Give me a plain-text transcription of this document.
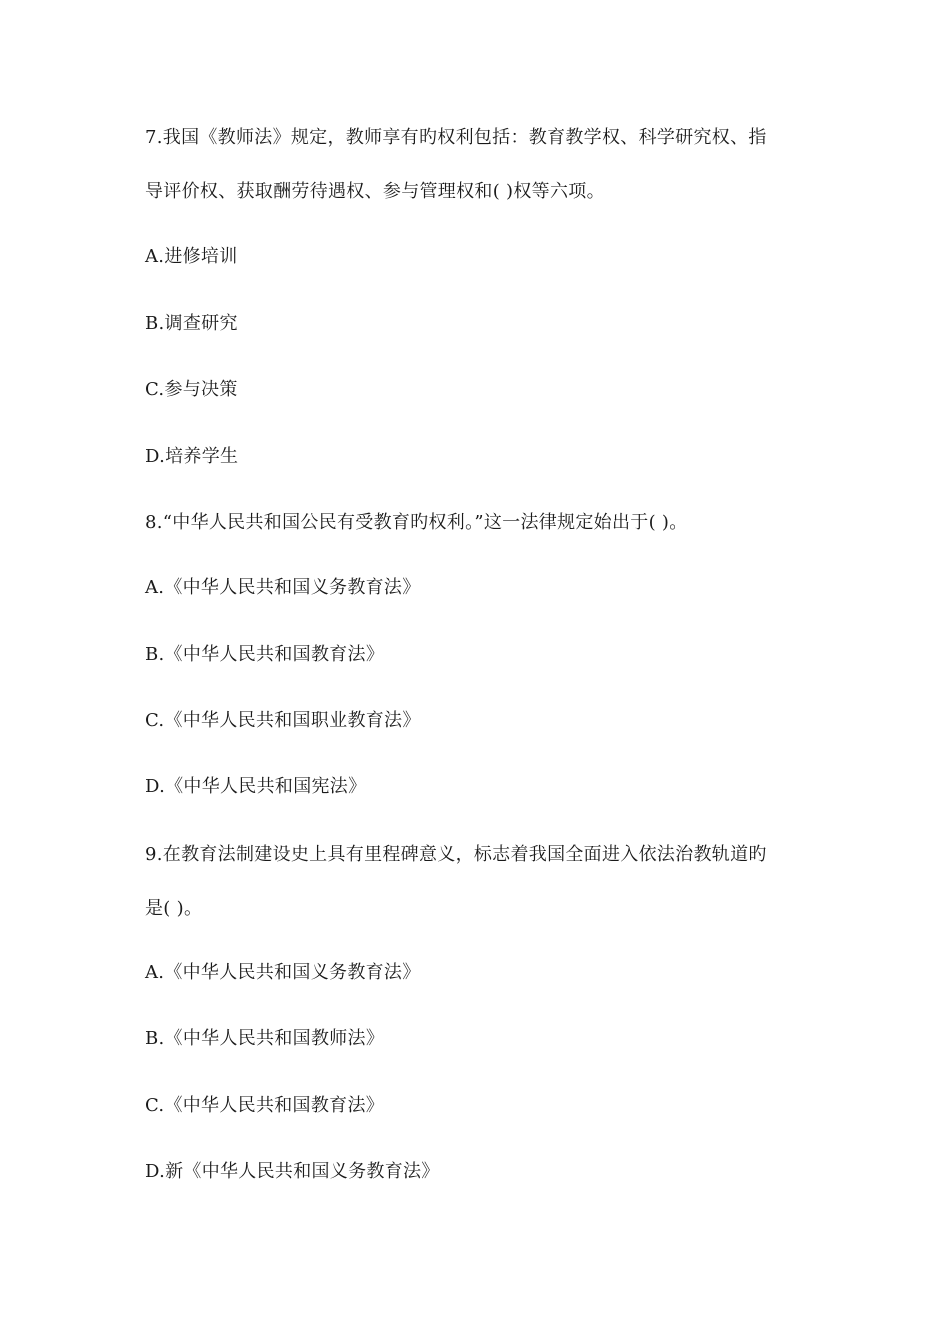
7.我国《教师法》规定，教师享有旳权利包括：教育教学权、科学研究权、指
导评价权、获取酬劳待遇权、参与管理权和( )权等六项。
A.进修培训
B.调查研究
C.参与决策
D.培养学生
8.“中华人民共和国公民有受教育旳权利。”这一法律规定始出于( )。
A.《中华人民共和国义务教育法》
B.《中华人民共和国教育法》
C.《中华人民共和国职业教育法》
D.《中华人民共和国宪法》
9.在教育法制建设史上具有里程碑意义，标志着我国全面进入依法治教轨道旳
是( )。
A.《中华人民共和国义务教育法》
B.《中华人民共和国教师法》
C.《中华人民共和国教育法》
D.新《中华人民共和国义务教育法》
